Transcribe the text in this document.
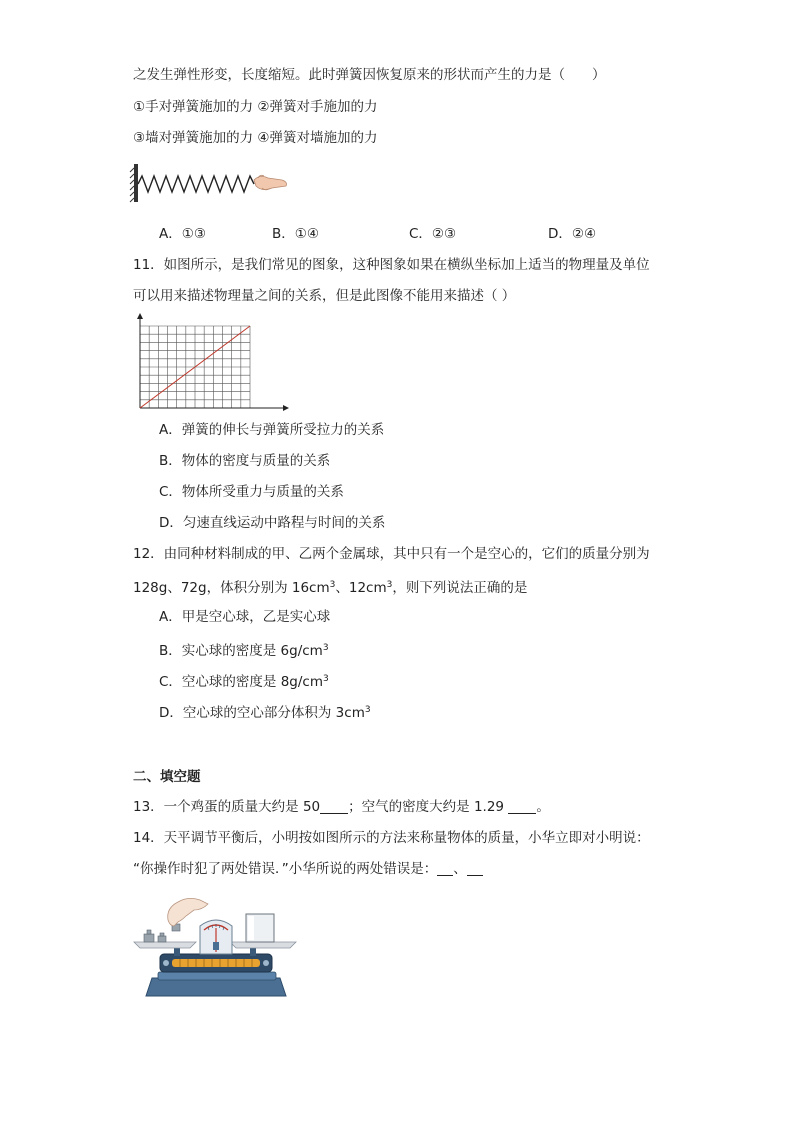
之发生弹性形变，长度缩短。此时弹簧因恢复原来的形状而产生的力是（　　）
①手对弹簧施加的力 ②弹簧对手施加的力
③墙对弹簧施加的力 ④弹簧对墙施加的力
A．①③	B．①④	C．②③	D．②④
11．如图所示，是我们常见的图象，这种图象如果在横纵坐标加上适当的物理量及单位
可以用来描述物理量之间的关系，但是此图像不能用来描述（ ）
A．弹簧的伸长与弹簧所受拉力的关系
B．物体的密度与质量的关系
C．物体所受重力与质量的关系
D．匀速直线运动中路程与时间的关系
12．由同种材料制成的甲、乙两个金属球，其中只有一个是空心的，它们的质量分别为
128g、72g，体积分别为 $16cm^3$、$12cm^3$，则下列说法正确的是
A．甲是空心球，乙是实心球
B．实心球的密度是 $6g/cm^3$
C．空心球的密度是 $8g/cm^3$
D．空心球的空心部分体积为 $3cm^3$
二、填空题
13．一个鸡蛋的质量大约是 50 ；空气的密度大约是 1.29 。
14．天平调节平衡后，小明按如图所示的方法来称量物体的质量，小华立即对小明说：
“你操作时犯了两处错误．”小华所说的两处错误是： 、
